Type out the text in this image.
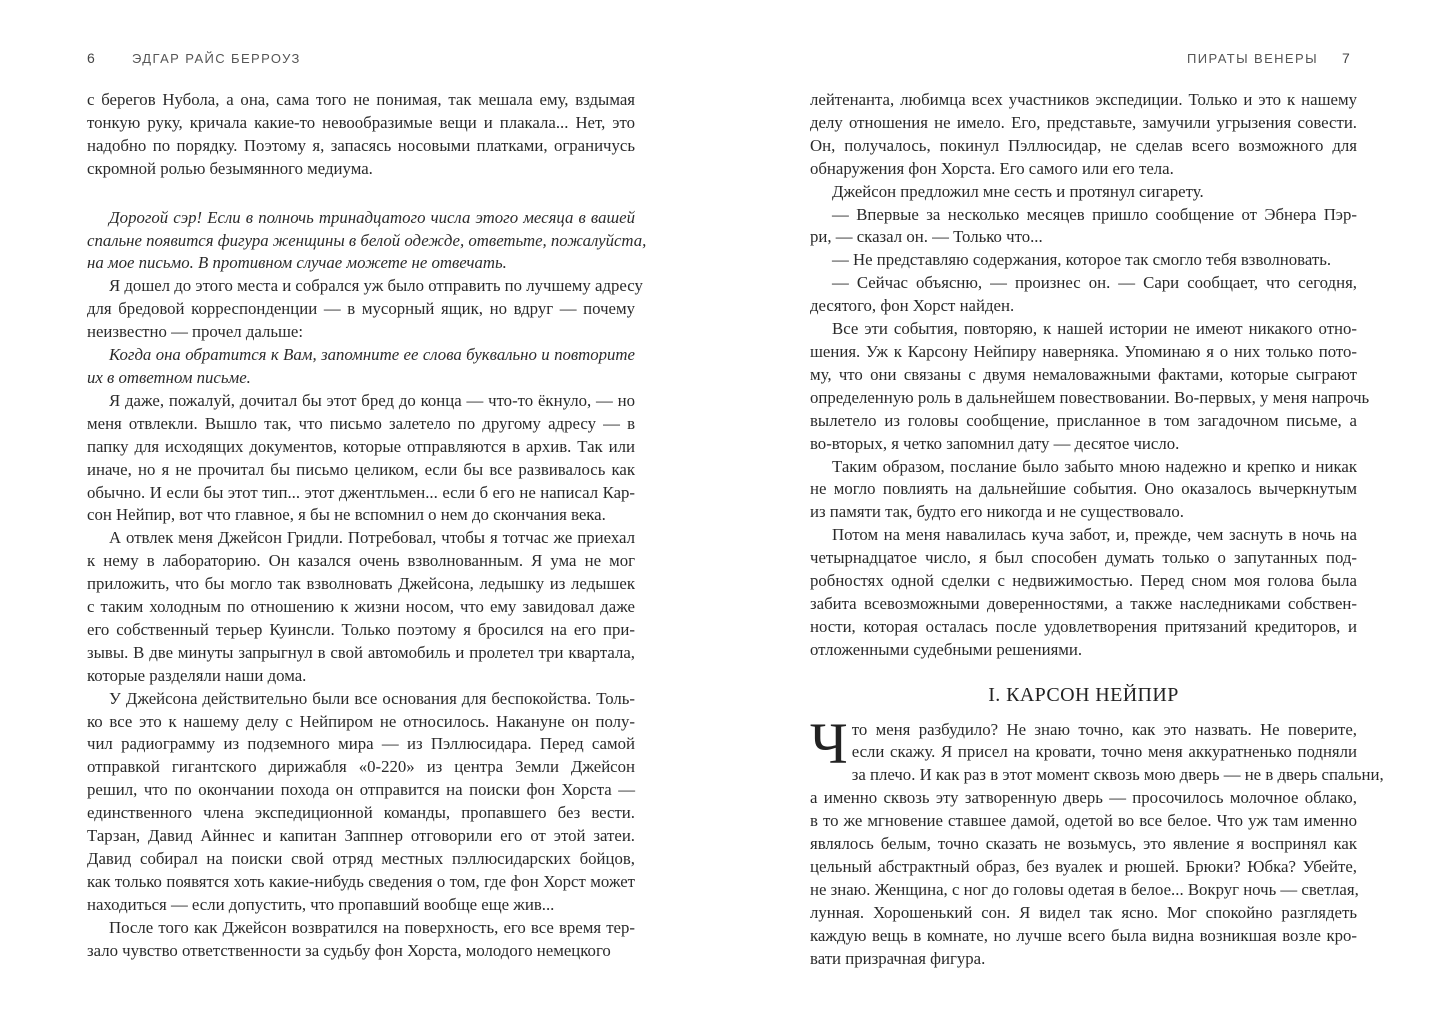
6	ЭДГАР РАЙС БЕРРОУЗ
с берегов Нубола, а она, сама того не понимая, так мешала ему, вздымая
тонкую руку, кричала какие-то невообразимые вещи и плакала... Нет, это
надобно по порядку. Поэтому я, запасясь носовыми платками, ограничусь
скромной ролью безымянного медиума.
Дорогой сэр! Если в полночь тринадцатого числа этого месяца в вашей
спальне появится фигура женщины в белой одежде, ответьте, пожалуйста,
на мое письмо. В противном случае можете не отвечать.
Я дошел до этого места и собрался уж было отправить по лучшему адресу
для бредовой корреспонденции — в мусорный ящик, но вдруг — почему
неизвестно — прочел дальше:
Когда она обратится к Вам, запомните ее слова буквально и повторите
их в ответном письме.
Я даже, пожалуй, дочитал бы этот бред до конца — что-то ёкнуло, — но
меня отвлекли. Вышло так, что письмо залетело по другому адресу — в
папку для исходящих документов, которые отправляются в архив. Так или
иначе, но я не прочитал бы письмо целиком, если бы все развивалось как
обычно. И если бы этот тип... этот джентльмен... если б его не написал Кар-
сон Нейпир, вот что главное, я бы не вспомнил о нем до скончания века.
А отвлек меня Джейсон Гридли. Потребовал, чтобы я тотчас же приехал
к нему в лабораторию. Он казался очень взволнованным. Я ума не мог
приложить, что бы могло так взволновать Джейсона, ледышку из ледышек
с таким холодным по отношению к жизни носом, что ему завидовал даже
его собственный терьер Куинсли. Только поэтому я бросился на его при-
зывы. В две минуты запрыгнул в свой автомобиль и пролетел три квартала,
которые разделяли наши дома.
У Джейсона действительно были все основания для беспокойства. Толь-
ко все это к нашему делу с Нейпиром не относилось. Накануне он полу-
чил радиограмму из подземного мира — из Пэллюсидара. Перед самой
отправкой гигантского дирижабля «0-220» из центра Земли Джейсон
решил, что по окончании похода он отправится на поиски фон Хорста —
единственного члена экспедиционной команды, пропавшего без вести.
Тарзан, Давид Айннес и капитан Заппнер отговорили его от этой затеи.
Давид собирал на поиски свой отряд местных пэллюсидарских бойцов,
как только появятся хоть какие-нибудь сведения о том, где фон Хорст может
находиться — если допустить, что пропавший вообще еще жив...
После того как Джейсон возвратился на поверхность, его все время тер-
зало чувство ответственности за судьбу фон Хорста, молодого немецкого
ПИРАТЫ ВЕНЕРЫ 7
лейтенанта, любимца всех участников экспедиции. Только и это к нашему
делу отношения не имело. Его, представьте, замучили угрызения совести.
Он, получалось, покинул Пэллюсидар, не сделав всего возможного для
обнаружения фон Хорста. Его самого или его тела.
Джейсон предложил мне сесть и протянул сигарету.
— Впервые за несколько месяцев пришло сообщение от Эбнера Пэр-
ри, — сказал он. — Только что...
— Не представляю содержания, которое так смогло тебя взволновать.
— Сейчас объясню, — произнес он. — Сари сообщает, что сегодня,
десятого, фон Хорст найден.
Все эти события, повторяю, к нашей истории не имеют никакого отно-
шения. Уж к Карсону Нейпиру наверняка. Упоминаю я о них только пото-
му, что они связаны с двумя немаловажными фактами, которые сыграют
определенную роль в дальнейшем повествовании. Во-первых, у меня напрочь
вылетело из головы сообщение, присланное в том загадочном письме, а
во-вторых, я четко запомнил дату — десятое число.
Таким образом, послание было забыто мною надежно и крепко и никак
не могло повлиять на дальнейшие события. Оно оказалось вычеркнутым
из памяти так, будто его никогда и не существовало.
Потом на меня навалилась куча забот, и, прежде, чем заснуть в ночь на
четырнадцатое число, я был способен думать только о запутанных под-
робностях одной сделки с недвижимостью. Перед сном моя голова была
забита всевозможными доверенностями, а также наследниками собствен-
ности, которая осталась после удовлетворения притязаний кредиторов, и
отложенными судебными решениями.
I. КАРСОН НЕЙПИР
Ч то меня разбудило? Не знаю точно, как это назвать. Не поверите,
если скажу. Я присел на кровати, точно меня аккуратненько подняли
за плечо. И как раз в этот момент сквозь мою дверь — не в дверь спальни,
а именно сквозь эту затворенную дверь — просочилось молочное облако,
в то же мгновение ставшее дамой, одетой во все белое. Что уж там именно
являлось белым, точно сказать не возьмусь, это явление я воспринял как
цельный абстрактный образ, без вуалек и рюшей. Брюки? Юбка? Убейте,
не знаю. Женщина, с ног до головы одетая в белое... Вокруг ночь — светлая,
лунная. Хорошенький сон. Я видел так ясно. Мог спокойно разглядеть
каждую вещь в комнате, но лучше всего была видна возникшая возле кро-
вати призрачная фигура.
